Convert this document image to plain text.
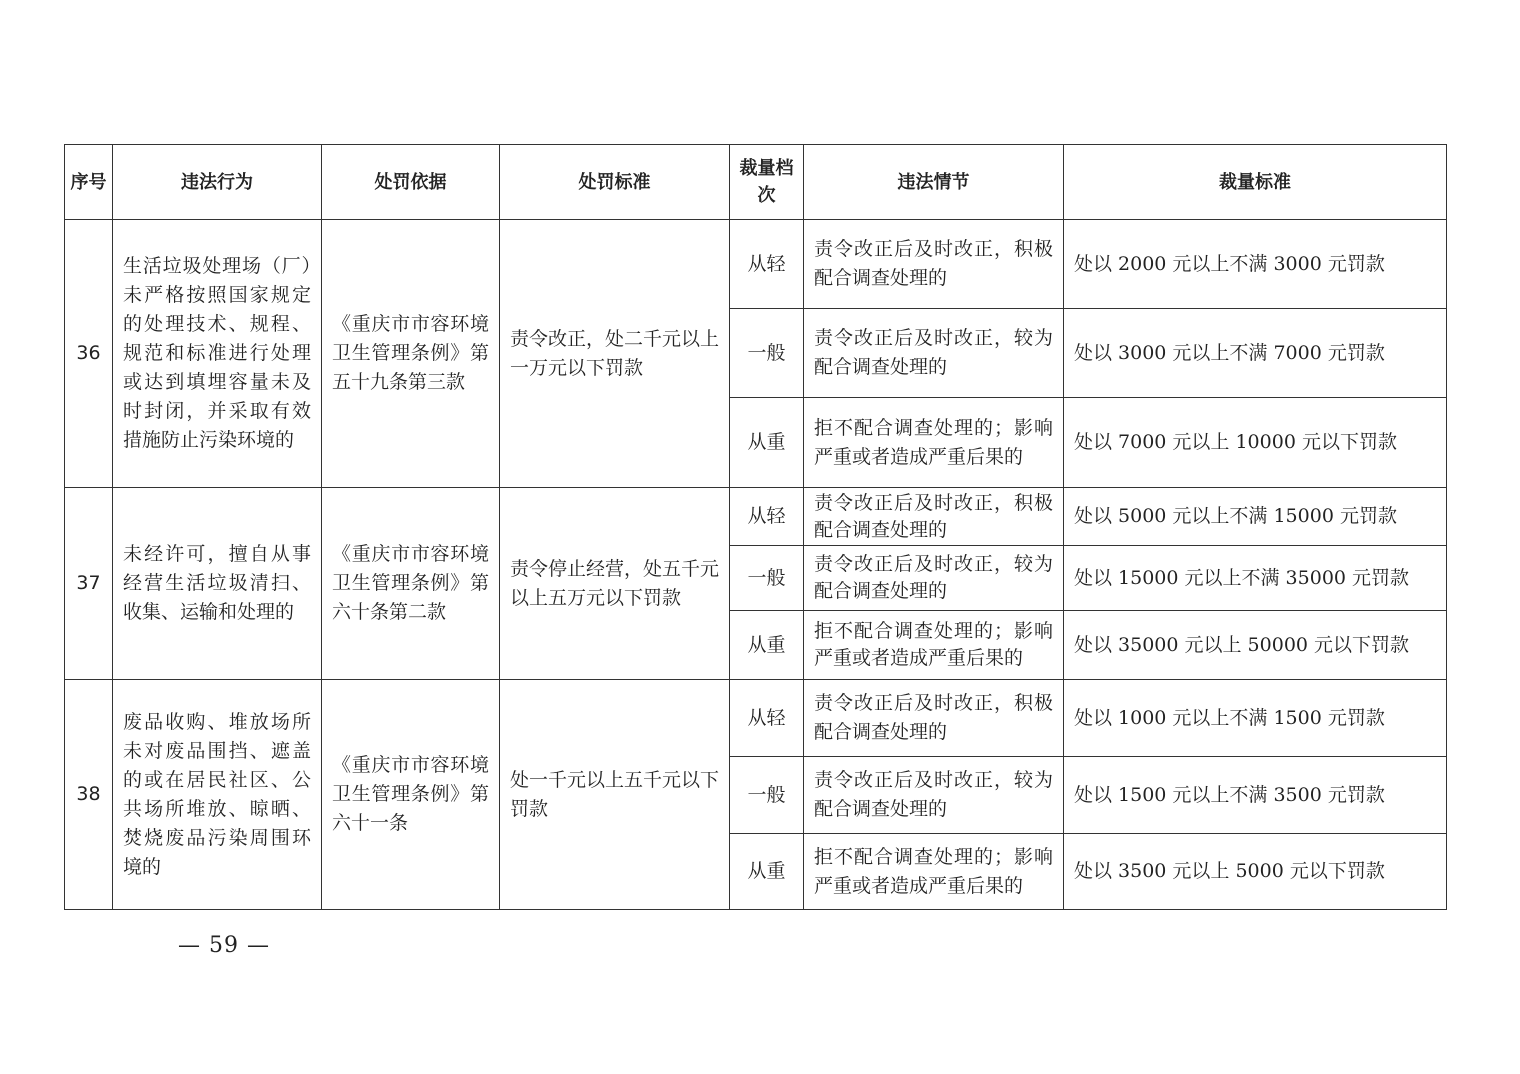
序号	违法行为	处罚依据	处罚标准	裁量档次	违法情节	裁量标准
36	生活垃圾处理场（厂）未严格按照国家规定的处理技术、规程、规范和标准进行处理或达到填埋容量未及时封闭，并采取有效措施防止污染环境的	《重庆市市容环境卫生管理条例》第五十九条第三款	责令改正，处二千元以上一万元以下罚款	从轻	责令改正后及时改正，积极配合调查处理的	处以 2000 元以上不满 3000 元罚款
				一般	责令改正后及时改正，较为配合调查处理的	处以 3000 元以上不满 7000 元罚款
				从重	拒不配合调查处理的；影响严重或者造成严重后果的	处以 7000 元以上 10000 元以下罚款
37	未经许可，擅自从事经营生活垃圾清扫、收集、运输和处理的	《重庆市市容环境卫生管理条例》第六十条第二款	责令停止经营，处五千元以上五万元以下罚款	从轻	责令改正后及时改正，积极配合调查处理的	处以 5000 元以上不满 15000 元罚款
				一般	责令改正后及时改正，较为配合调查处理的	处以 15000 元以上不满 35000 元罚款
				从重	拒不配合调查处理的；影响严重或者造成严重后果的	处以 35000 元以上 50000 元以下罚款
38	废品收购、堆放场所未对废品围挡、遮盖的或在居民社区、公共场所堆放、晾晒、焚烧废品污染周围环境的	《重庆市市容环境卫生管理条例》第六十一条	处一千元以上五千元以下罚款	从轻	责令改正后及时改正，积极配合调查处理的	处以 1000 元以上不满 1500 元罚款
				一般	责令改正后及时改正，较为配合调查处理的	处以 1500 元以上不满 3500 元罚款
				从重	拒不配合调查处理的；影响严重或者造成严重后果的	处以 3500 元以上 5000 元以下罚款
— 59 —
